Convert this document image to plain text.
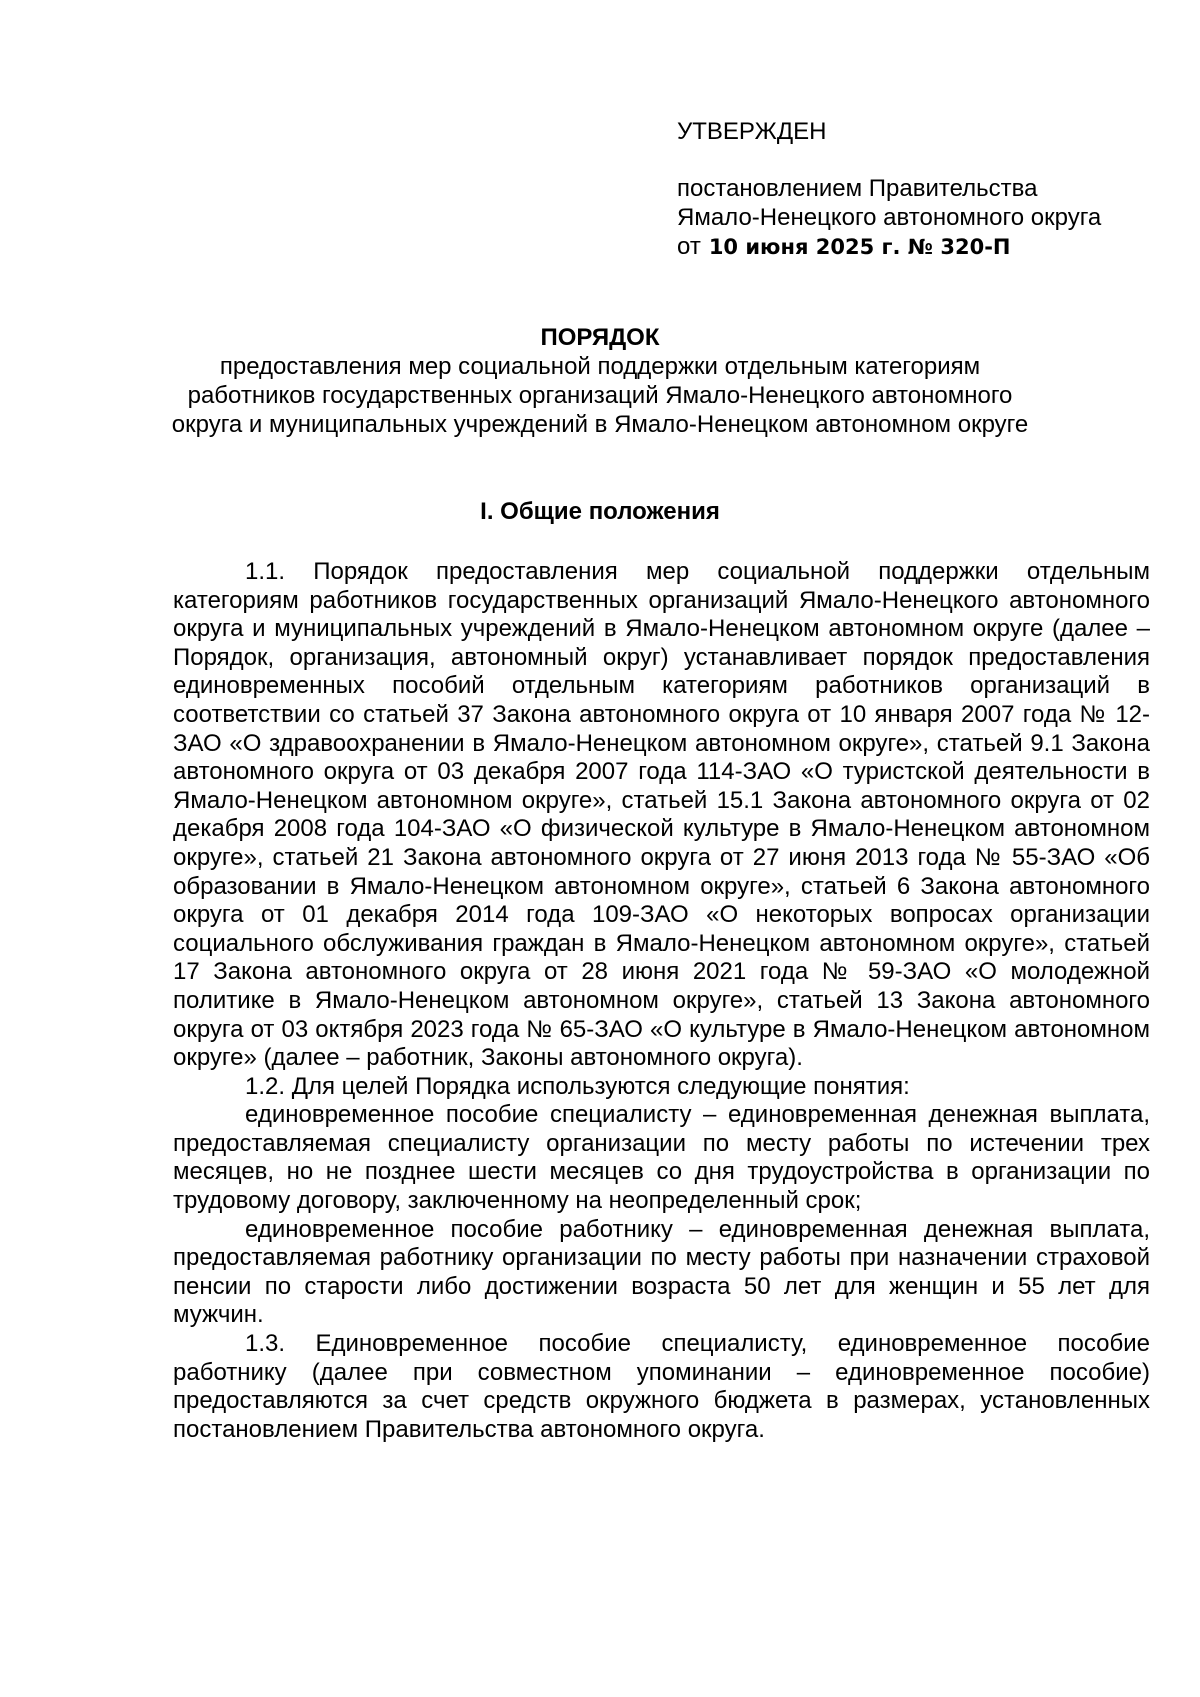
УТВЕРЖДЕН

постановлением Правительства

Ямало-Ненецкого автономного округа

от 10 июня 2025 г. № 320-П

ПОРЯДОК

предоставления мер социальной поддержки отдельным категориям

работников государственных организаций Ямало-Ненецкого автономного

округа и муниципальных учреждений в Ямало-Ненецком автономном округе

I. Общие положения

1.1. Порядок предоставления мер социальной поддержки отдельным категориям работников государственных организаций Ямало-Ненецкого автономного округа и муниципальных учреждений в Ямало-Ненецком автономном округе (далее – Порядок, организация, автономный округ) устанавливает порядок предоставления единовременных пособий отдельным категориям работников организаций в соответствии со статьей 37 Закона автономного округа от 10 января 2007 года № 12-ЗАО «О здравоохранении в Ямало-Ненецком автономном округе», статьей 9.1 Закона автономного округа от 03 декабря 2007 года 114-ЗАО «О туристской деятельности в Ямало-Ненецком автономном округе», статьей 15.1 Закона автономного округа от 02 декабря 2008 года 104-ЗАО «О физической культуре в Ямало-Ненецком автономном округе», статьей 21 Закона автономного округа от 27 июня 2013 года № 55-ЗАО «Об образовании в Ямало-Ненецком автономном округе», статьей 6 Закона автономного округа от 01 декабря 2014 года 109-ЗАО «О некоторых вопросах организации социального обслуживания граждан в Ямало-Ненецком автономном округе», статьей 17 Закона автономного округа от 28 июня 2021 года № 59-ЗАО «О молодежной политике в Ямало-Ненецком автономном округе», статьей 13 Закона автономного округа от 03 октября 2023 года № 65-ЗАО «О культуре в Ямало-Ненецком автономном округе» (далее – работник, Законы автономного округа).

1.2. Для целей Порядка используются следующие понятия:

единовременное пособие специалисту – единовременная денежная выплата, предоставляемая специалисту организации по месту работы по истечении трех месяцев, но не позднее шести месяцев со дня трудоустройства в организации по трудовому договору, заключенному на неопределенный срок;

единовременное пособие работнику – единовременная денежная выплата, предоставляемая работнику организации по месту работы при назначении страховой пенсии по старости либо достижении возраста 50 лет для женщин и 55 лет для мужчин.

1.3. Единовременное пособие специалисту, единовременное пособие работнику (далее при совместном упоминании – единовременное пособие) предоставляются за счет средств окружного бюджета в размерах, установленных постановлением Правительства автономного округа.
